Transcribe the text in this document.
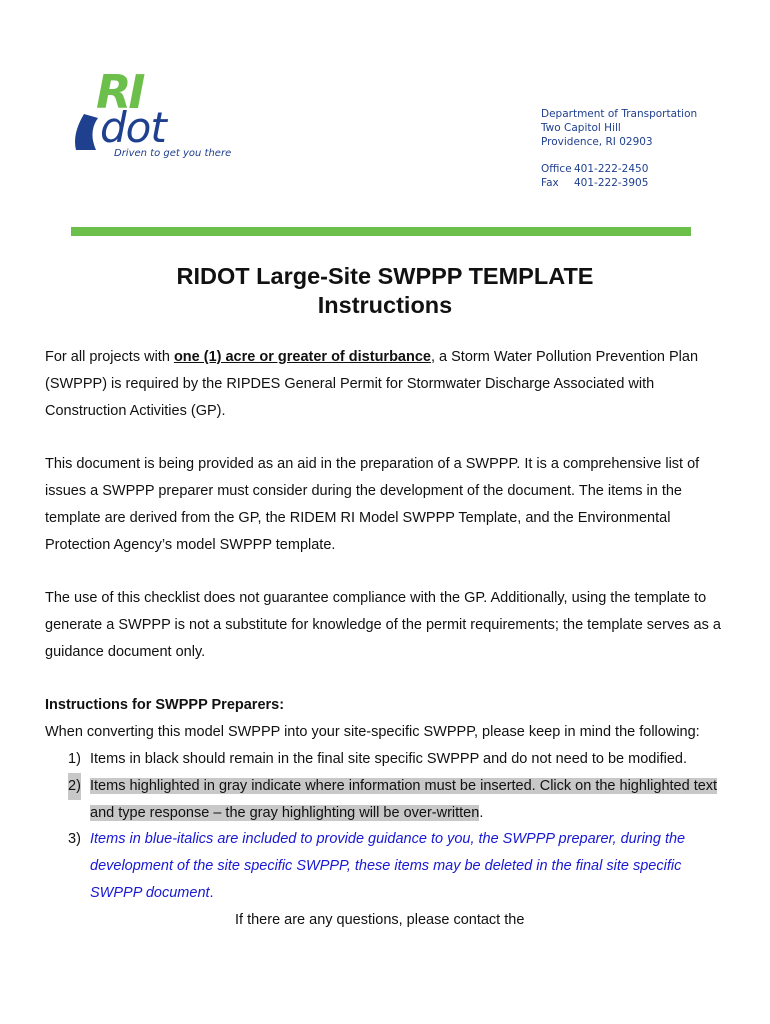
RI
dot
Driven to get you there
Department of Transportation
Two Capitol Hill
Providence, RI 02903
Office 401-222-2450
Fax 401-222-3905
RIDOT Large-Site SWPPP TEMPLATE
Instructions

For all projects with one (1) acre or greater of disturbance, a Storm Water Pollution Prevention Plan (SWPPP) is required by the RIPDES General Permit for Stormwater Discharge Associated with Construction Activities (GP).

This document is being provided as an aid in the preparation of a SWPPP. It is a comprehensive list of issues a SWPPP preparer must consider during the development of the document. The items in the template are derived from the GP, the RIDEM RI Model SWPPP Template, and the Environmental Protection Agency’s model SWPPP template.

The use of this checklist does not guarantee compliance with the GP. Additionally, using the template to generate a SWPPP is not a substitute for knowledge of the permit requirements; the template serves as a guidance document only.

Instructions for SWPPP Preparers:

When converting this model SWPPP into your site-specific SWPPP, please keep in mind the following:

1) Items in black should remain in the final site specific SWPPP and do not need to be modified.
2) Items highlighted in gray indicate where information must be inserted. Click on the highlighted text and type response – the gray highlighting will be over-written.
3) Items in blue-italics are included to provide guidance to you, the SWPPP preparer, during the development of the site specific SWPPP, these items may be deleted in the final site specific SWPPP document.

If there are any questions, please contact the
